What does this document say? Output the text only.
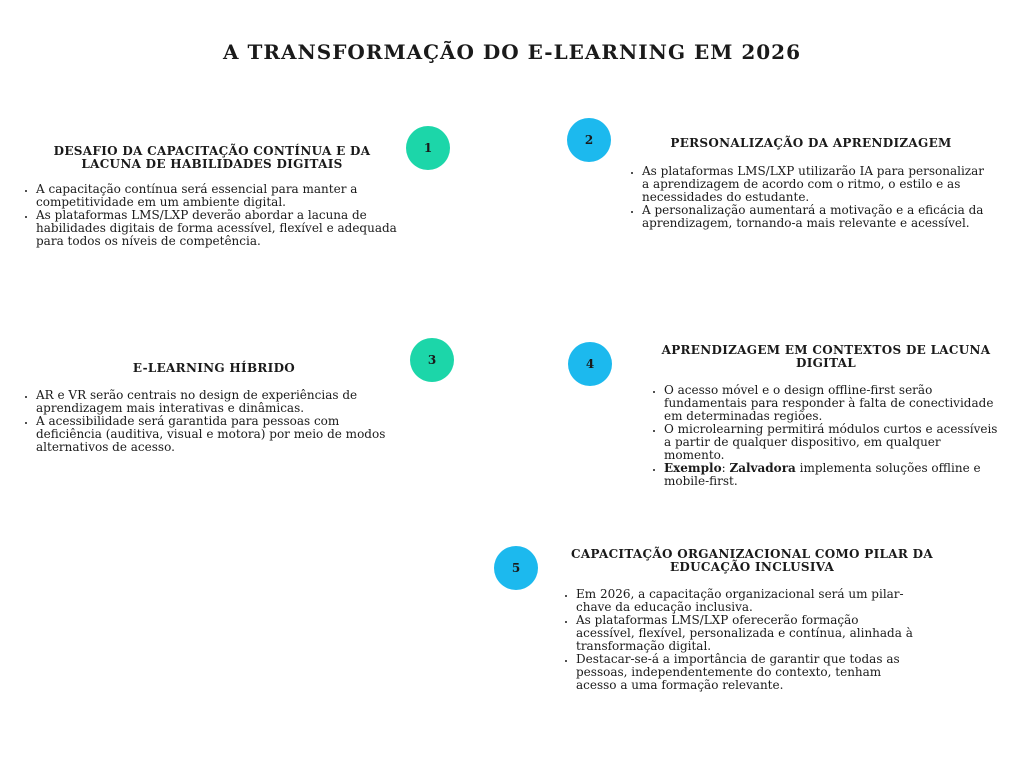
A TRANSFORMAÇÃO DO E-LEARNING EM 2026
1
2
3	4
5
DESAFIO DA CAPACITAÇÃO CONTÍNUA E DA LACUNA DE HABILIDADES DIGITAIS
• A capacitação contínua será essencial para manter a competitividade em um ambiente digital.
• As plataformas LMS/LXP deverão abordar a lacuna de habilidades digitais de forma acessível, flexível e adequada para todos os níveis de competência.
PERSONALIZAÇÃO DA APRENDIZAGEM
• As plataformas LMS/LXP utilizarão IA para personalizar a aprendizagem de acordo com o ritmo, o estilo e as necessidades do estudante.
• A personalização aumentará a motivação e a eficácia da aprendizagem, tornando-a mais relevante e acessível.
E-LEARNING HÍBRIDO
• AR e VR serão centrais no design de experiências de aprendizagem mais interativas e dinâmicas.
• A acessibilidade será garantida para pessoas com deficiência (auditiva, visual e motora) por meio de modos alternativos de acesso.
APRENDIZAGEM EM CONTEXTOS DE LACUNA DIGITAL
• O acesso móvel e o design offline-first serão fundamentais para responder à falta de conectividade em determinadas regiões.
• O microlearning permitirá módulos curtos e acessíveis a partir de qualquer dispositivo, em qualquer momento.
• Exemplo: Zalvadora implementa soluções offline e mobile-first.
CAPACITAÇÃO ORGANIZACIONAL COMO PILAR DA EDUCAÇÃO INCLUSIVA
• Em 2026, a capacitação organizacional será um pilar-chave da educação inclusiva.
• As plataformas LMS/LXP oferecerão formação acessível, flexível, personalizada e contínua, alinhada à transformação digital.
• Destacar-se-á a importância de garantir que todas as pessoas, independentemente do contexto, tenham acesso a uma formação relevante.
